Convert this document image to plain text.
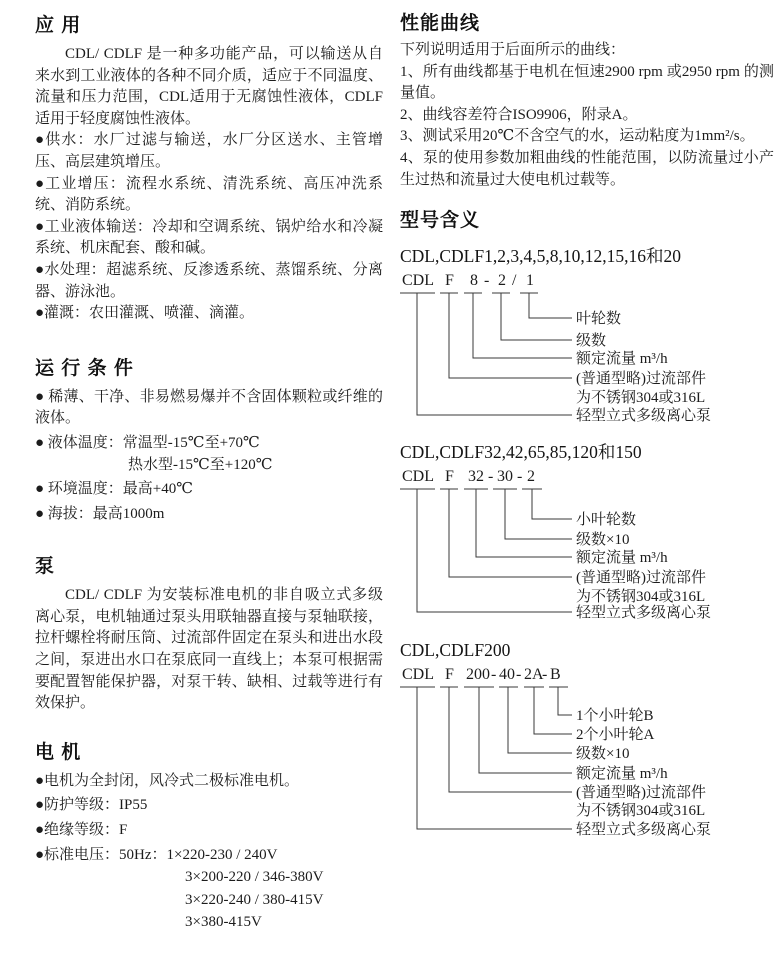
应 用
CDL/ CDLF 是一种多功能产品，可以输送从自来水到工业液体的各种不同介质，适应于不同温度、流量和压力范围，CDL适用于无腐蚀性液体，CDLF适用于轻度腐蚀性液体。
●供水：水厂过滤与输送，水厂分区送水、主管增压、高层建筑增压。
●工业增压：流程水系统、清洗系统、高压冲洗系统、消防系统。
●工业液体输送：冷却和空调系统、锅炉给水和冷凝系统、机床配套、酸和碱。
●水处理：超滤系统、反渗透系统、蒸馏系统、分离器、游泳池。
●灌溉：农田灌溉、喷灌、滴灌。
运 行 条 件
● 稀薄、干净、非易燃易爆并不含固体颗粒或纤维的液体。
● 液体温度：常温型-15℃至+70℃
热水型-15℃至+120℃
● 环境温度：最高+40℃
● 海拔：最高1000m
泵
CDL/ CDLF 为安装标准电机的非自吸立式多级离心泵，电机轴通过泵头用联轴器直接与泵轴联接，拉杆螺栓将耐压筒、过流部件固定在泵头和进出水段之间，泵进出水口在泵底同一直线上；本泵可根据需要配置智能保护器，对泵干转、缺相、过载等进行有效保护。
电 机
●电机为全封闭，风冷式二极标准电机。
●防护等级：IP55
●绝缘等级：F
●标准电压：50Hz：1×220-230 / 240V
3×200-220 / 346-380V
3×220-240 / 380-415V
3×380-415V
性能曲线
下列说明适用于后面所示的曲线：
1、所有曲线都基于电机在恒速2900 rpm 或2950 rpm 的测量值。
2、曲线容差符合ISO9906，附录A。
3、测试采用20℃不含空气的水，运动粘度为1mm²/s。
4、泵的使用参数加粗曲线的性能范围，以防流量过小产生过热和流量过大使电机过载等。
型号含义
CDL,CDLF1,2,3,4,5,8,10,12,15,16和20
CDL F 8 - 2 / 1
叶轮数
级数
额定流量 m³/h
(普通型略)过流部件
为不锈钢304或316L
轻型立式多级离心泵
CDL,CDLF32,42,65,85,120和150
CDL F 32 - 30 - 2
小叶轮数
级数×10
额定流量 m³/h
(普通型略)过流部件
为不锈钢304或316L
轻型立式多级离心泵
CDL,CDLF200
CDL F 200 - 40 - 2A
- B
1个小叶轮B
2个小叶轮A
级数×10
额定流量 m³/h
(普通型略)过流部件
为不锈钢304或316L
轻型立式多级离心泵
